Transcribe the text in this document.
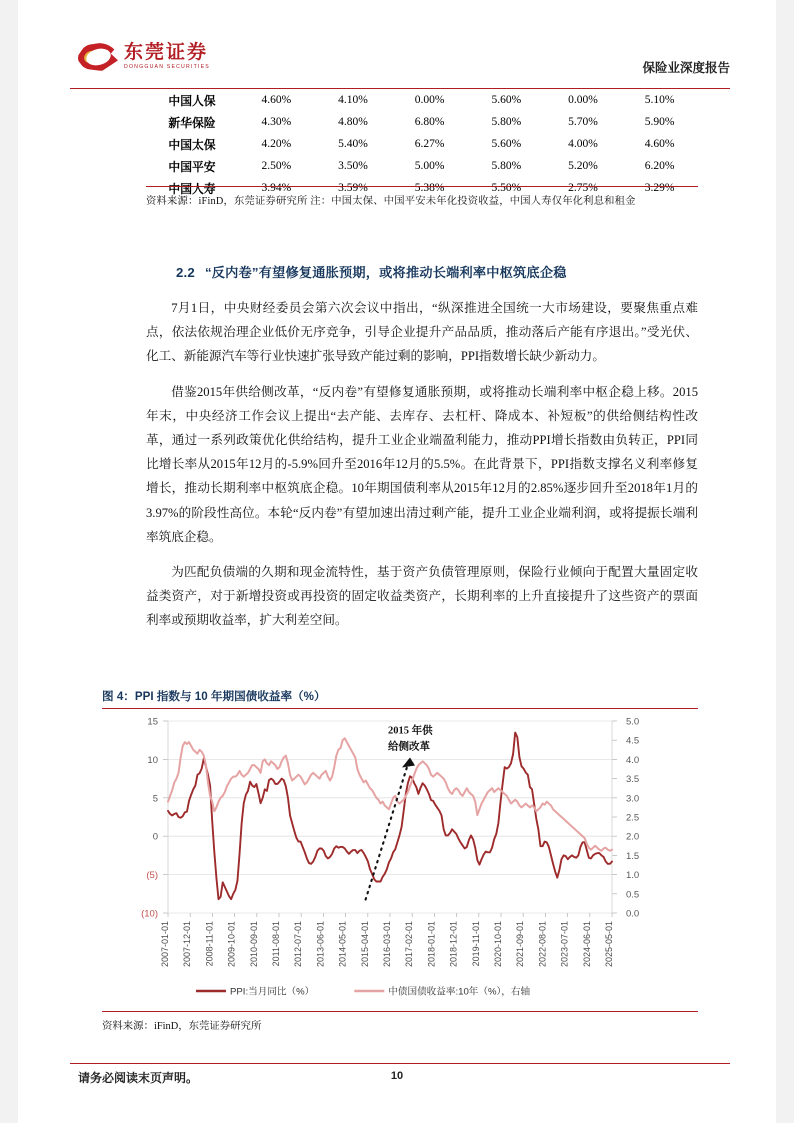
东莞证券
DONGGUAN SECURITIES	保险业深度报告
中国人保	4.60%	4.10%	0.00%	5.60%	0.00%	5.10%
新华保险	4.30%	4.80%	6.80%	5.80%	5.70%	5.90%
中国太保	4.20%	5.40%	6.27%	5.60%	4.00%	4.60%
中国平安	2.50%	3.50%	5.00%	5.80%	5.20%	6.20%
中国人寿	3.94%	3.59%	5.38%	5.50%	2.75%	3.29%
资料来源：iFinD，东莞证券研究所 注：中国太保、中国平安未年化投资收益，中国人寿仅年化利息和租金
2.2 “反内卷”有望修复通胀预期，或将推动长端利率中枢筑底企稳

7月1日，中央财经委员会第六次会议中指出，“纵深推进全国统一大市场建设，要聚焦重点难点，依法依规治理企业低价无序竞争，引导企业提升产品品质，推动落后产能有序退出。”受光伏、化工、新能源汽车等行业快速扩张导致产能过剩的影响，PPI指数增长缺少新动力。

借鉴2015年供给侧改革，“反内卷”有望修复通胀预期，或将推动长端利率中枢企稳上移。2015年末，中央经济工作会议上提出“去产能、去库存、去杠杆、降成本、补短板”的供给侧结构性改革，通过一系列政策优化供给结构，提升工业企业端盈利能力，推动PPI增长指数由负转正，PPI同比增长率从2015年12月的-5.9%回升至2016年12月的5.5%。在此背景下，PPI指数支撑名义利率修复增长，推动长期利率中枢筑底企稳。10年期国债利率从2015年12月的2.85%逐步回升至2018年1月的3.97%的阶段性高位。本轮“反内卷”有望加速出清过剩产能，提升工业企业端利润，或将提振长端利率筑底企稳。

为匹配负债端的久期和现金流特性，基于资产负债管理原则，保险行业倾向于配置大量固定收益类资产，对于新增投资或再投资的固定收益类资产，长期利率的上升直接提升了这些资产的票面利率或预期收益率，扩大利差空间。

图 4：PPI 指数与 10 年期国债收益率（%）
15
10
5
0
(5)
(10)
5.0
4.5
4.0
3.5
3.0
2.5
2.0
1.5
1.0
0.5
0.0
2007-01-01 2007-12-01 2008-11-01 2009-10-01 2010-09-01 2011-08-01 2012-07-01 2013-06-01 2014-05-01 2015-04-01 2016-03-01 2017-02-01 2018-01-01 2018-12-01 2019-11-01 2020-10-01 2021-09-01 2022-08-01 2023-07-01 2024-06-01 2025-05-01
2015 年供
给侧改革
PPI:当月同比（%）	中债国债收益率:10年（%），右轴
资料来源：iFinD，东莞证券研究所
请务必阅读末页声明。	10
